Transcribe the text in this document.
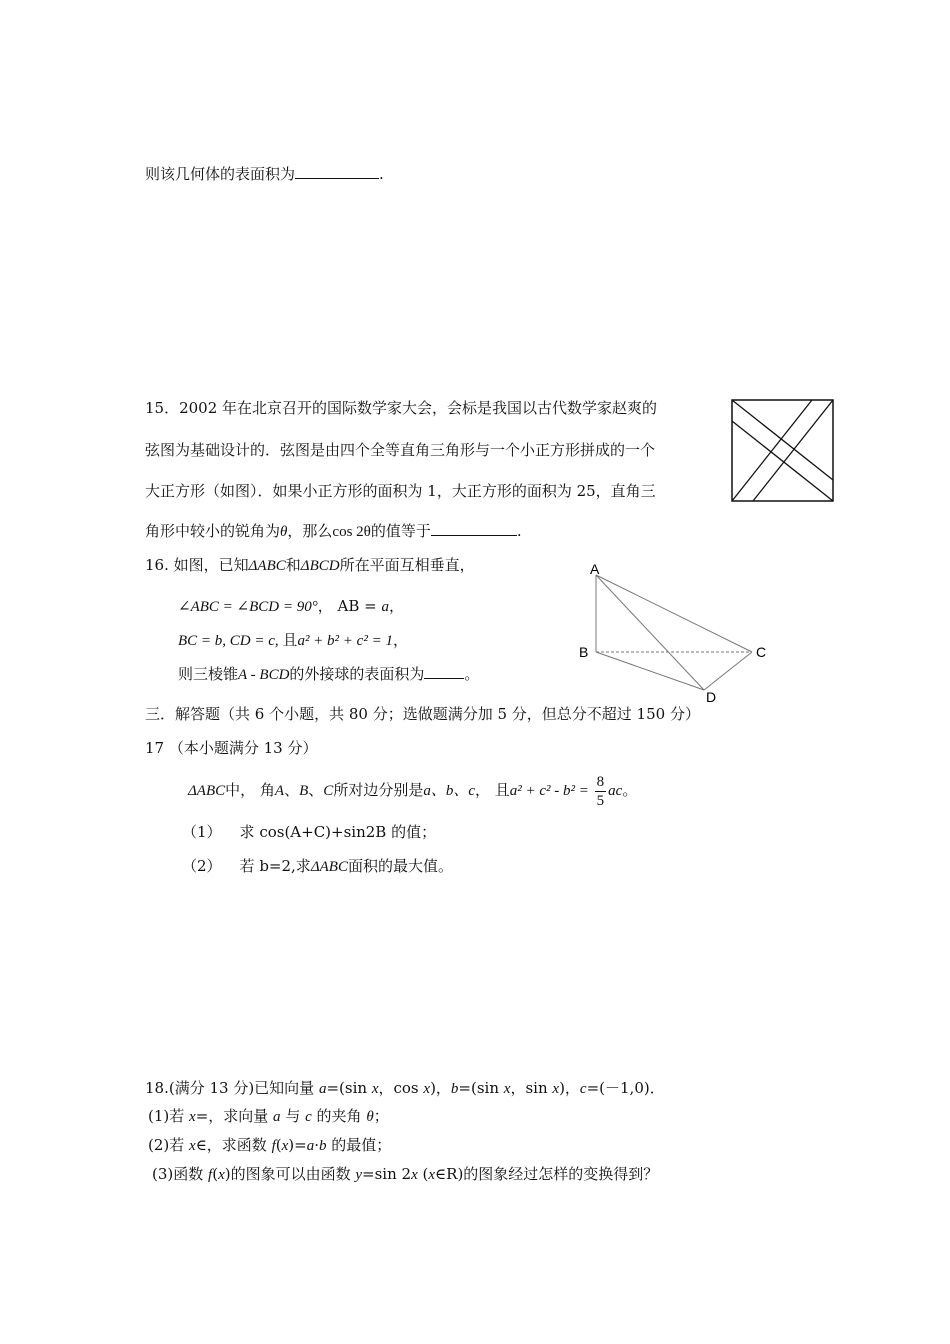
则该几何体的表面积为	.
15．2002 年在北京召开的国际数学家大会，会标是我国以古代数学家赵爽的
弦图为基础设计的．弦图是由四个全等直角三角形与一个小正方形拼成的一个
大正方形（如图）．如果小正方形的面积为 1，大正方形的面积为 25，直角三
角形中较小的锐角为θ，那么cos 2θ的值等于	.
16. 如图，已知ΔABC和ΔBCD所在平面互相垂直，
∠ABC = ∠BCD = 90°， AB = a，
BC = b, CD = c, 且a² + b² + c² = 1，
则三棱锥A - BCD的外接球的表面积为	。
A
B	C
D
三．解答题（共 6 个小题，共 80 分；选做题满分加 5 分，但总分不超过 150 分）
17 （本小题满分 13 分）
ΔABC中， 角A、B、C所对边分别是a、b、c， 且$a^2 + c^2 - b^2 = \frac{8}{5}$ ac。
（1） 求 cos(A+C)+sin2B 的值；
（2） 若 b=2,求ΔABC面积的最大值。
18.(满分 13 分)已知向量 a=(sin x，cos x)，b=(sin x，sin x)，c=(－1,0)．
(1)若 x=，求向量 a 与 c 的夹角 θ；
(2)若 x∈，求函数 f(x)=a·b 的最值；
(3)函数 f(x)的图象可以由函数 y=sin 2x (x∈R)的图象经过怎样的变换得到？
